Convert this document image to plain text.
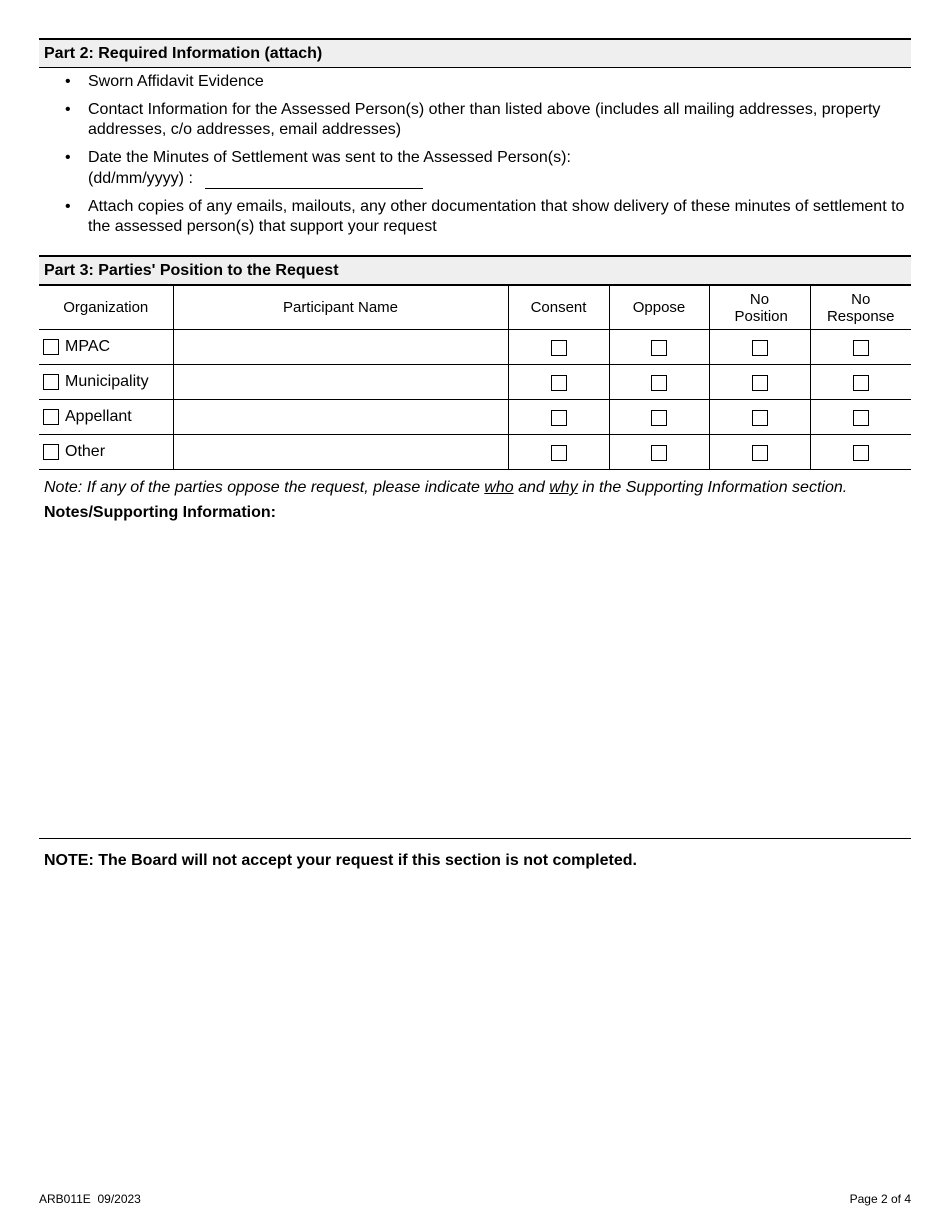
Part 2: Required Information (attach)
• Sworn Affidavit Evidence
• Contact Information for the Assessed Person(s) other than listed above (includes all mailing addresses, property addresses, c/o addresses, email addresses)
• Date the Minutes of Settlement was sent to the Assessed Person(s):
(dd/mm/yyyy) :
• Attach copies of any emails, mailouts, any other documentation that show delivery of these minutes of settlement to the assessed person(s) that support your request
Part 3: Parties' Position to the Request
Organization	Participant Name	Consent	Oppose	No Position	No Response

MPAC					
Municipality					
Appellant					
Other					
Note: If any of the parties oppose the request, please indicate who and why in the Supporting Information section.
Notes/Supporting Information:
NOTE: The Board will not accept your request if this section is not completed.
ARB011E  09/2023	Page 2 of 4
